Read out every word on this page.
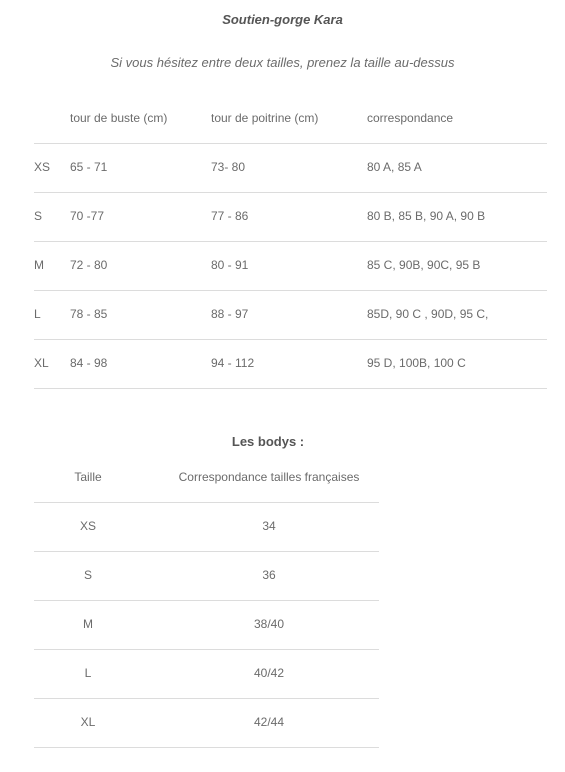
Soutien-gorge Kara
Si vous hésitez entre deux tailles, prenez la taille au-dessus
tour de buste (cm)	tour de poitrine (cm)	correspondance
XS 65 - 71	73- 80	80 A, 85 A
S 70 -77	77 - 86	80 B, 85 B, 90 A, 90 B
M 72 - 80	80 - 91	85 C, 90B, 90C, 95 B
L 78 - 85	88 - 97	85D, 90 C , 90D, 95 C,
XL 84 - 98	94 - 112	95 D, 100B, 100 C
Les bodys :
Taille	Correspondance tailles françaises
XS	34
S	36
M	38/40
L	40/42
XL	42/44
